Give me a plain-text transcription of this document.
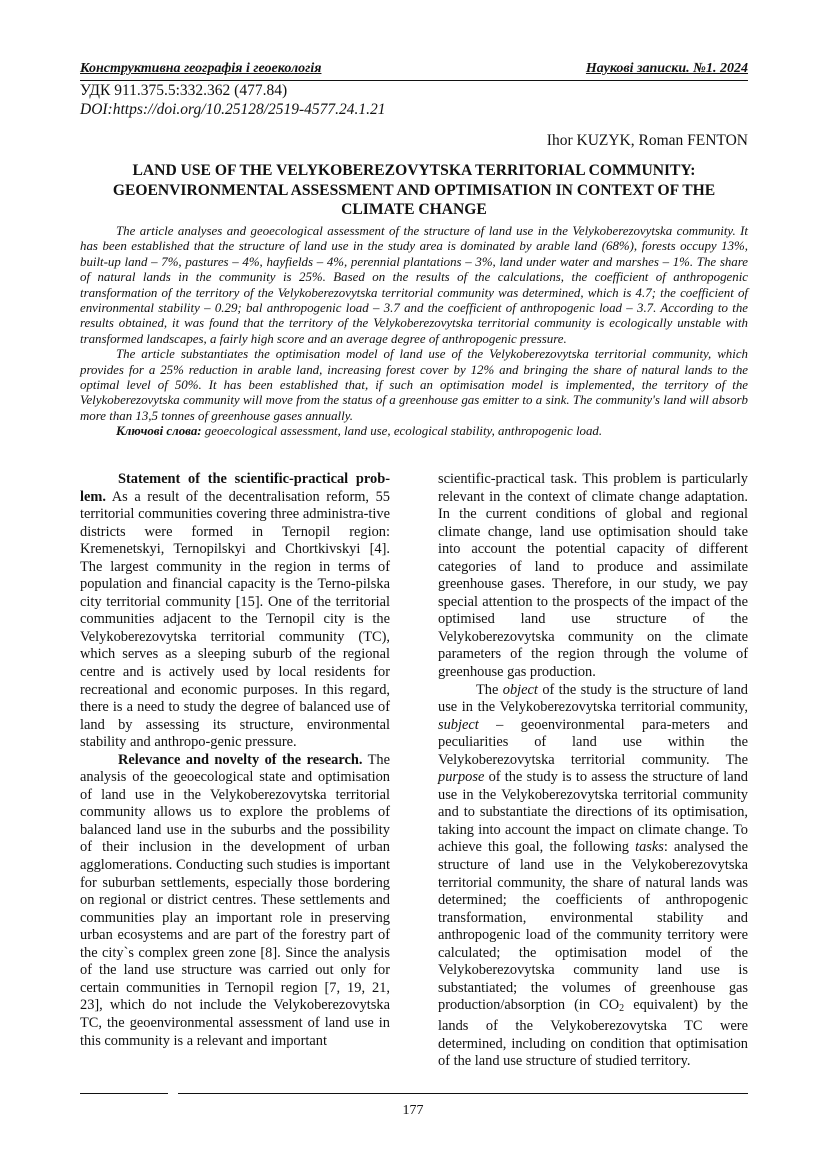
Конструктивна географія і геоекологія	Наукові записки. №1. 2024
УДК 911.375.5:332.362 (477.84)
DOI:https://doi.org/10.25128/2519-4577.24.1.21
Ihor KUZYK, Roman FENTON
LAND USE OF THE VELYKOBEREZOVYTSKA TERRITORIAL COMMUNITY: GEOENVIRONMENTAL ASSESSMENT AND OPTIMISATION IN CONTEXT OF THE CLIMATE CHANGE

The article analyses and geoecological assessment of the structure of land use in the Velykoberezovytska community. It has been established that the structure of land use in the study area is dominated by arable land (68%), forests occupy 13%, built-up land – 7%, pastures – 4%, hayfields – 4%, perennial plantations – 3%, land under water and marshes – 1%. The share of natural lands in the community is 25%. Based on the results of the calculations, the coefficient of anthropogenic transformation of the territory of the Velykoberezovytska territorial community was determined, which is 4.7; the coefficient of environmental stability – 0.29; bal anthropogenic load – 3.7 and the coefficient of anthropogenic load – 3.7. According to the results obtained, it was found that the territory of the Velykoberezovytska territorial community is ecologically unstable with transformed landscapes, a fairly high score and an average degree of anthropogenic pressure.

The article substantiates the optimisation model of land use of the Velykoberezovytska territorial community, which provides for a 25% reduction in arable land, increasing forest cover by 12% and bringing the share of natural lands to the optimal level of 50%. It has been established that, if such an optimisation model is implemented, the territory of the Velykoberezovytska community will move from the status of a greenhouse gas emitter to a sink. The community's land will absorb more than 13,5 tonnes of greenhouse gases annually.

Ключові слова: geoecological assessment, land use, ecological stability, anthropogenic load.

Statement of the scientific-practical prob-lem. As a result of the decentralisation reform, 55 territorial communities covering three administra-tive districts were formed in Ternopil region: Kremenetskyi, Ternopilskyi and Chortkivskyi [4]. The largest community in the region in terms of population and financial capacity is the Terno-pilska city territorial community [15]. One of the territorial communities adjacent to the Ternopil city is the Velykoberezovytska territorial community (TC), which serves as a sleeping suburb of the regional centre and is actively used by local residents for recreational and economic purposes. In this regard, there is a need to study the degree of balanced use of land by assessing its structure, environmental stability and anthropo-genic pressure.

Relevance and novelty of the research. The analysis of the geoecological state and optimisation of land use in the Velykoberezovytska territorial community allows us to explore the problems of balanced land use in the suburbs and the possibility of their inclusion in the development of urban agglomerations. Conducting such studies is important for suburban settlements, especially those bordering on regional or district centres. These settlements and communities play an important role in preserving urban ecosystems and are part of the forestry part of the city`s complex green zone [8]. Since the analysis of the land use structure was carried out only for certain communities in Ternopil region [7, 19, 21, 23], which do not include the Velykoberezovytska TC, the geoenvironmental assessment of land use in this community is a relevant and important

scientific-practical task. This problem is particularly relevant in the context of climate change adaptation. In the current conditions of global and regional climate change, land use optimisation should take into account the potential capacity of different categories of land to produce and assimilate greenhouse gases. Therefore, in our study, we pay special attention to the prospects of the impact of the optimised land use structure of the Velykoberezovytska community on the climate parameters of the region through the volume of greenhouse gas production.

The object of the study is the structure of land use in the Velykoberezovytska territorial community, subject – geoenvironmental para-meters and peculiarities of land use within the Velykoberezovytska territorial community. The purpose of the study is to assess the structure of land use in the Velykoberezovytska territorial community and to substantiate the directions of its optimisation, taking into account the impact on climate change. To achieve this goal, the following tasks: analysed the structure of land use in the Velykoberezovytska territorial community, the share of natural lands was determined; the coefficients of anthropogenic transformation, environmental stability and anthropogenic load of the community territory were calculated; the optimisation model of the Velykoberezovytska community land use is substantiated; the volumes of greenhouse gas production/absorption (in $CO_2$ equivalent) by the lands of the Velykoberezovytska TC were determined, including on condition that optimisation of the land use structure of studied territory.

177
